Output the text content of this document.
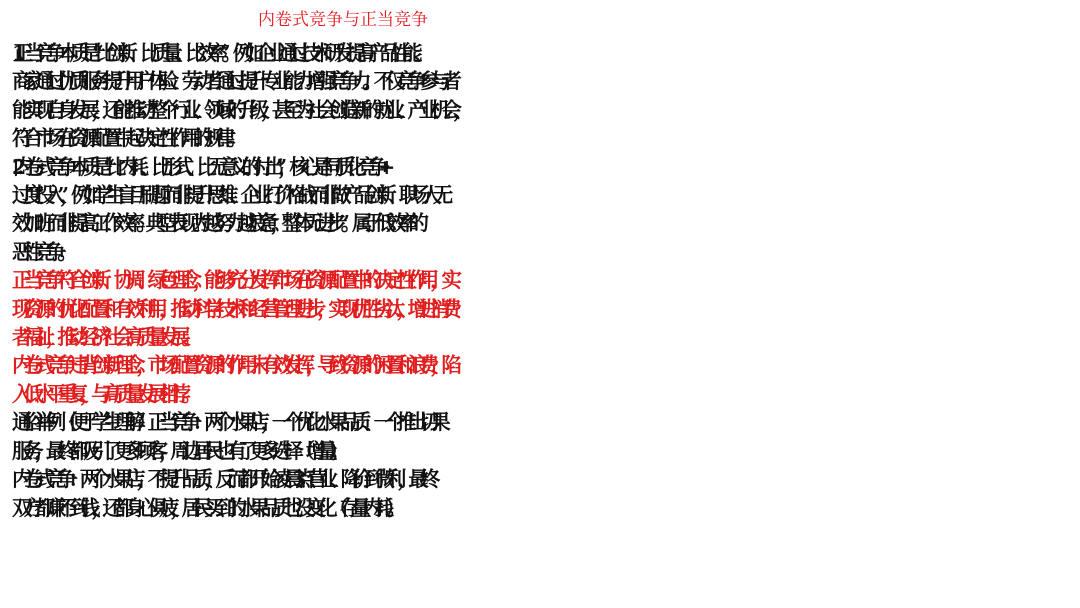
内卷式竞争与正当竞争

1. 正当竞争本质是“比创新、比质量、比效率”。例如企业通过技术研发提高产品性能、
商家通过优质服务提升用户体验、劳动者通过提升专业能力增强竞争力。不仅竞争参与者
能实现自身发展，还能推动整个行业、领域的升级，甚至为社会创造新的就业、产业机会，
符合市场在资源配置中起决定性作用的规律。

2. 内卷式竞争本质是“比内耗、比形式、比无意义的付出”，核心是 “同质化竞争 +
过度投入”，例如学生盲目刷题而非提升思维、企业打价格战而非做产品创新、职场人无
效加班而非提高工作效率。 典型表现为 “越努力越疲惫，整体无进步”。属于低效率的
恶性竞争。

正当竞争符合创新、协调、绿色理念，能够充分发挥市场在资源配置中的决定性作用，实
现资源的优化配置和有效利用，推动科学技术和经营管理进步，实现优胜劣汰，增进消费
者福祉，推动经济社会高质量发展。

内卷式竞争违背创新理念，市场配置资源的作用未有效发挥，导致资源的闲置和浪费，陷
入低水平重复，与高质量发展相悖。

通俗举例（便于学生理解）正当竞争：两个水果店，一个优化水果品质、一个推出切果
服务，最终都吸引了更多顾客，周边居民也有了更多选择（增量）。

内卷式竞争：两个水果店，不提升品质，反而都开始凌晨 3 点营业、降价到微利，最终
双方都赚不到钱，还都身心俱疲，居民买到的水果品质也没变化（存量内耗）。
